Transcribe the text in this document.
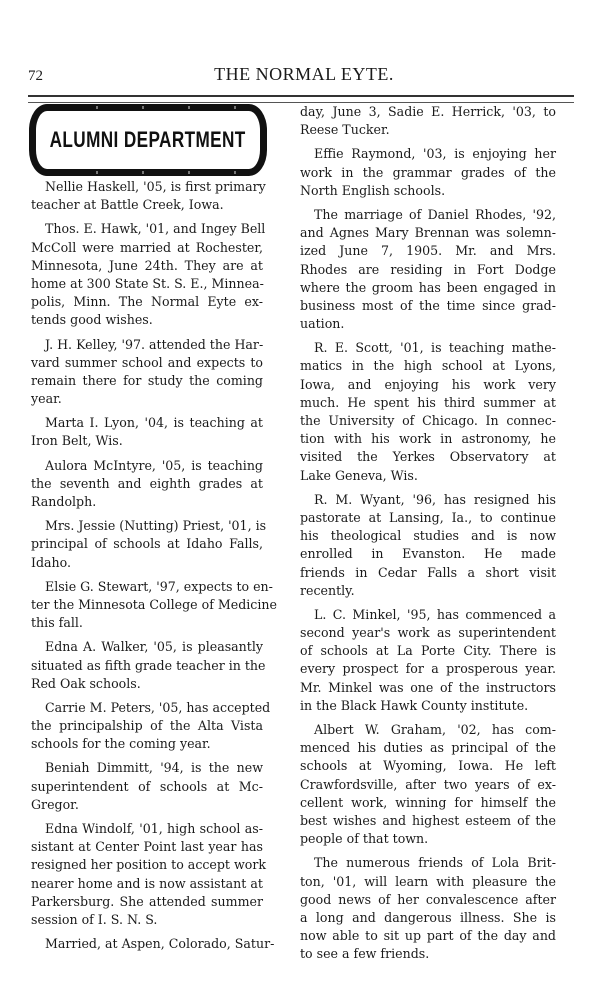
72	THE NORMAL EYTE.
ALUMNI DEPARTMENT
Nellie Haskell, '05, is first primary
teacher at Battle Creek, Iowa.
Thos. E. Hawk, '01, and Ingey Bell
McColl were married at Rochester,
Minnesota, June 24th. They are at
home at 300 State St. S. E., Minnea-
polis, Minn. The Normal Eyte ex-
tends good wishes.
J. H. Kelley, '97. attended the Har-
vard summer school and expects to
remain there for study the coming
year.
Marta I. Lyon, '04, is teaching at
Iron Belt, Wis.
Aulora McIntyre, '05, is teaching
the seventh and eighth grades at
Randolph.
Mrs. Jessie (Nutting) Priest, '01, is
principal of schools at Idaho Falls,
Idaho.
Elsie G. Stewart, '97, expects to en-
ter the Minnesota College of Medicine
this fall.
Edna A. Walker, '05, is pleasantly
situated as fifth grade teacher in the
Red Oak schools.
Carrie M. Peters, '05, has accepted
the principalship of the Alta Vista
schools for the coming year.
Beniah Dimmitt, '94, is the new
superintendent of schools at Mc-
Gregor.
Edna Windolf, '01, high school as-
sistant at Center Point last year has
resigned her position to accept work
nearer home and is now assistant at
Parkersburg. She attended summer
session of I. S. N. S.
Married, at Aspen, Colorado, Satur-
day, June 3, Sadie E. Herrick, '03, to
Reese Tucker.
Effie Raymond, '03, is enjoying her
work in the grammar grades of the
North English schools.
The marriage of Daniel Rhodes, '92,
and Agnes Mary Brennan was solemn-
ized June 7, 1905. Mr. and Mrs.
Rhodes are residing in Fort Dodge
where the groom has been engaged in
business most of the time since grad-
uation.
R. E. Scott, '01, is teaching mathe-
matics in the high school at Lyons,
Iowa, and enjoying his work very
much. He spent his third summer at
the University of Chicago. In connec-
tion with his work in astronomy, he
visited the Yerkes Observatory at
Lake Geneva, Wis.
R. M. Wyant, '96, has resigned his
pastorate at Lansing, Ia., to continue
his theological studies and is now
enrolled in Evanston. He made
friends in Cedar Falls a short visit
recently.
L. C. Minkel, '95, has commenced a
second year's work as superintendent
of schools at La Porte City. There is
every prospect for a prosperous year.
Mr. Minkel was one of the instructors
in the Black Hawk County institute.
Albert W. Graham, '02, has com-
menced his duties as principal of the
schools at Wyoming, Iowa. He left
Crawfordsville, after two years of ex-
cellent work, winning for himself the
best wishes and highest esteem of the
people of that town.
The numerous friends of Lola Brit-
ton, '01, will learn with pleasure the
good news of her convalescence after
a long and dangerous illness. She is
now able to sit up part of the day and
to see a few friends.
